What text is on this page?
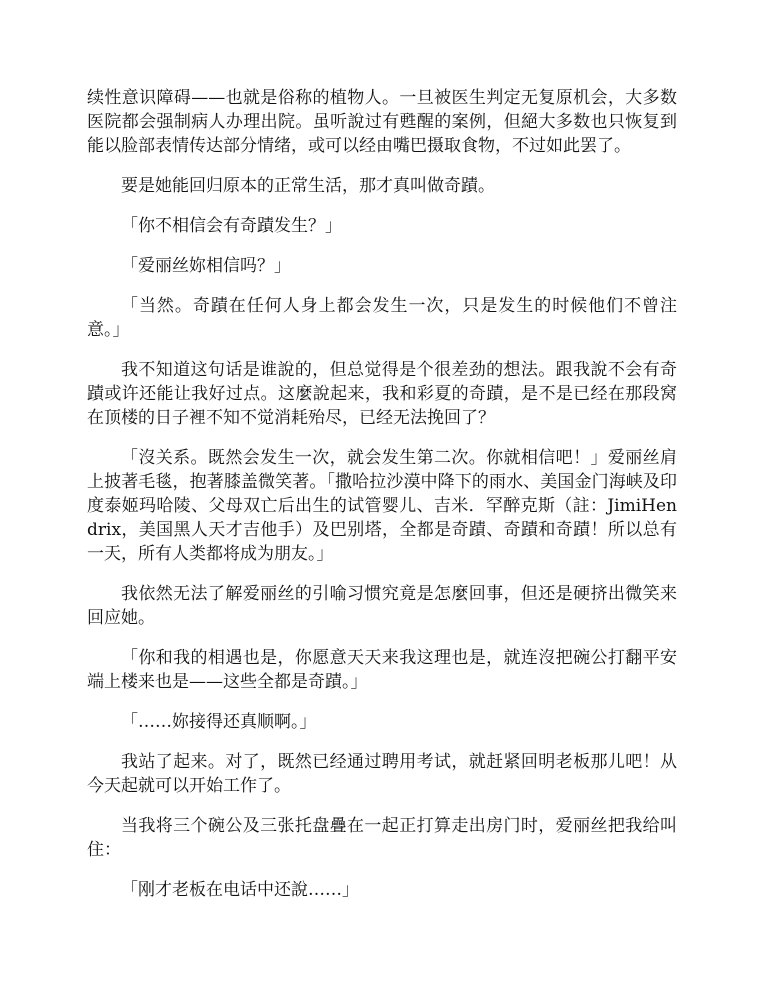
续性意识障碍——也就是俗称的植物人。一旦被医生判定无复原机会，大多数医院都会强制病人办理出院。虽听說过有甦醒的案例，但絕大多数也只恢复到能以脸部表情传达部分情绪，或可以经由嘴巴摄取食物，不过如此罢了。

要是她能回归原本的正常生活，那才真叫做奇蹟。

「你不相信会有奇蹟发生？」

「爱丽丝妳相信吗？」

「当然。奇蹟在任何人身上都会发生一次，只是发生的时候他们不曾注意。」

我不知道这句话是谁說的，但总觉得是个很差劲的想法。跟我說不会有奇蹟或许还能让我好过点。这麼說起来，我和彩夏的奇蹟，是不是已经在那段窝在顶楼的日子裡不知不觉消耗殆尽，已经无法挽回了？

「沒关系。既然会发生一次，就会发生第二次。你就相信吧！」爱丽丝肩上披著毛毯，抱著膝盖微笑著。「撒哈拉沙漠中降下的雨水、美国金门海峡及印度泰姬玛哈陵、父母双亡后出生的试管婴儿、吉米．罕醉克斯（註：JimiHendrix，美国黑人天才吉他手）及巴别塔，全都是奇蹟、奇蹟和奇蹟！所以总有一天，所有人类都将成为朋友。」

我依然无法了解爱丽丝的引喻习惯究竟是怎麼回事，但还是硬挤出微笑来回应她。

「你和我的相遇也是，你愿意天天来我这理也是，就连沒把碗公打翻平安端上楼来也是——这些全都是奇蹟。」

「……妳接得还真顺啊。」

我站了起来。对了，既然已经通过聘用考试，就赶紧回明老板那儿吧！从今天起就可以开始工作了。

当我将三个碗公及三张托盘疊在一起正打算走出房门时，爱丽丝把我给叫住：

「刚才老板在电话中还說……」
